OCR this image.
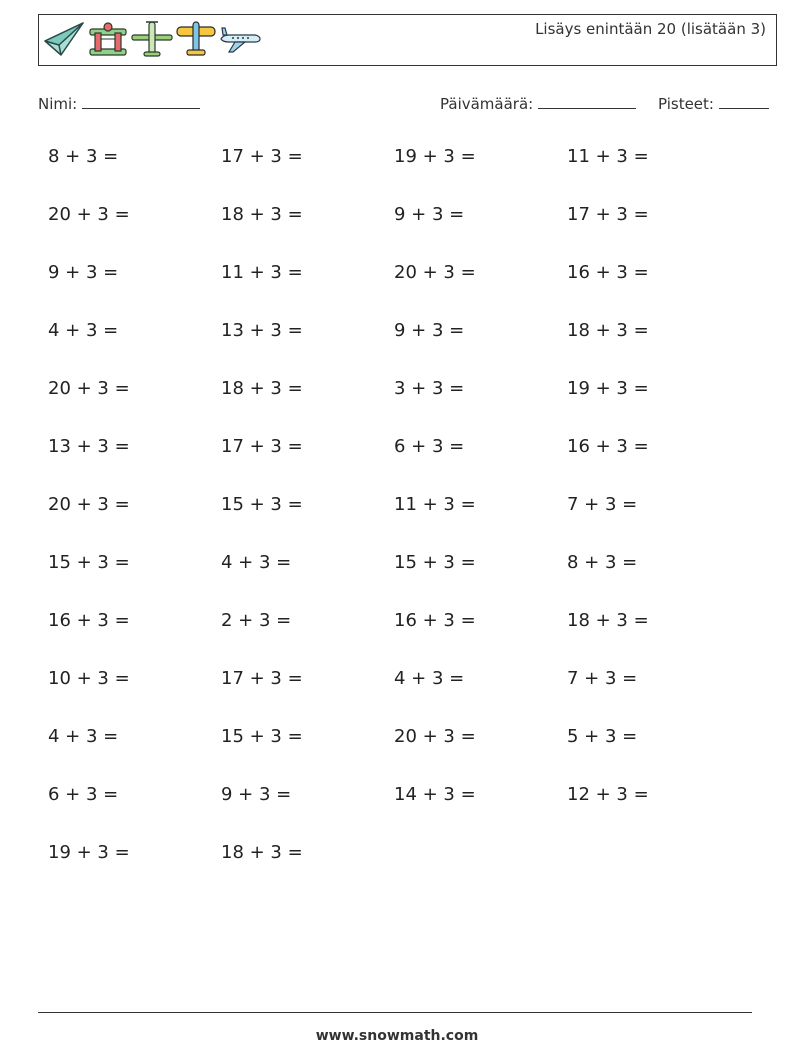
Lisäys enintään 20 (lisätään 3)
Nimi:	Päivämäärä:	Pisteet:
8 + 3 =	17 + 3 =	19 + 3 =	11 + 3 =
20 + 3 =	18 + 3 =	9 + 3 =	17 + 3 =
9 + 3 =	11 + 3 =	20 + 3 =	16 + 3 =
4 + 3 =	13 + 3 =	9 + 3 =	18 + 3 =
20 + 3 =	18 + 3 =	3 + 3 =	19 + 3 =
13 + 3 =	17 + 3 =	6 + 3 =	16 + 3 =
20 + 3 =	15 + 3 =	11 + 3 =	7 + 3 =
15 + 3 =	4 + 3 =	15 + 3 =	8 + 3 =
16 + 3 =	2 + 3 =	16 + 3 =	18 + 3 =
10 + 3 =	17 + 3 =	4 + 3 =	7 + 3 =
4 + 3 =	15 + 3 =	20 + 3 =	5 + 3 =
6 + 3 =	9 + 3 =	14 + 3 =	12 + 3 =
19 + 3 =	18 + 3 =
www.snowmath.com
